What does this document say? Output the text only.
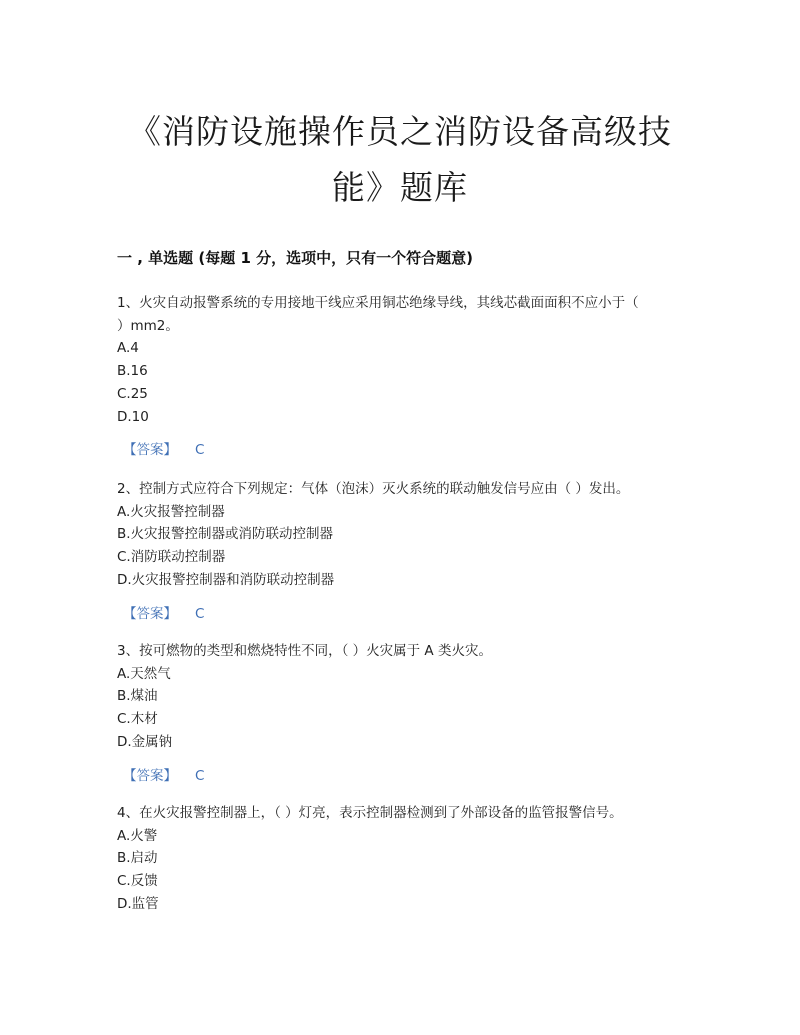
《消防设施操作员之消防设备高级技
能》题库
一 , 单选题 (每题 1 分，选项中，只有一个符合题意)

1、火灾自动报警系统的专用接地干线应采用铜芯绝缘导线，其线芯截面面积不应小于（

）mm2。

A.4

B.16

C.25

D.10

【答案】 C

2、控制方式应符合下列规定：气体（泡沫）灭火系统的联动触发信号应由（ ）发出。

A.火灾报警控制器

B.火灾报警控制器或消防联动控制器

C.消防联动控制器

D.火灾报警控制器和消防联动控制器

【答案】 C

3、按可燃物的类型和燃烧特性不同，（ ）火灾属于 A 类火灾。

A.天然气

B.煤油

C.木材

D.金属钠

【答案】 C

4、在火灾报警控制器上，（ ）灯亮，表示控制器检测到了外部设备的监管报警信号。

A.火警

B.启动

C.反馈

D.监管
